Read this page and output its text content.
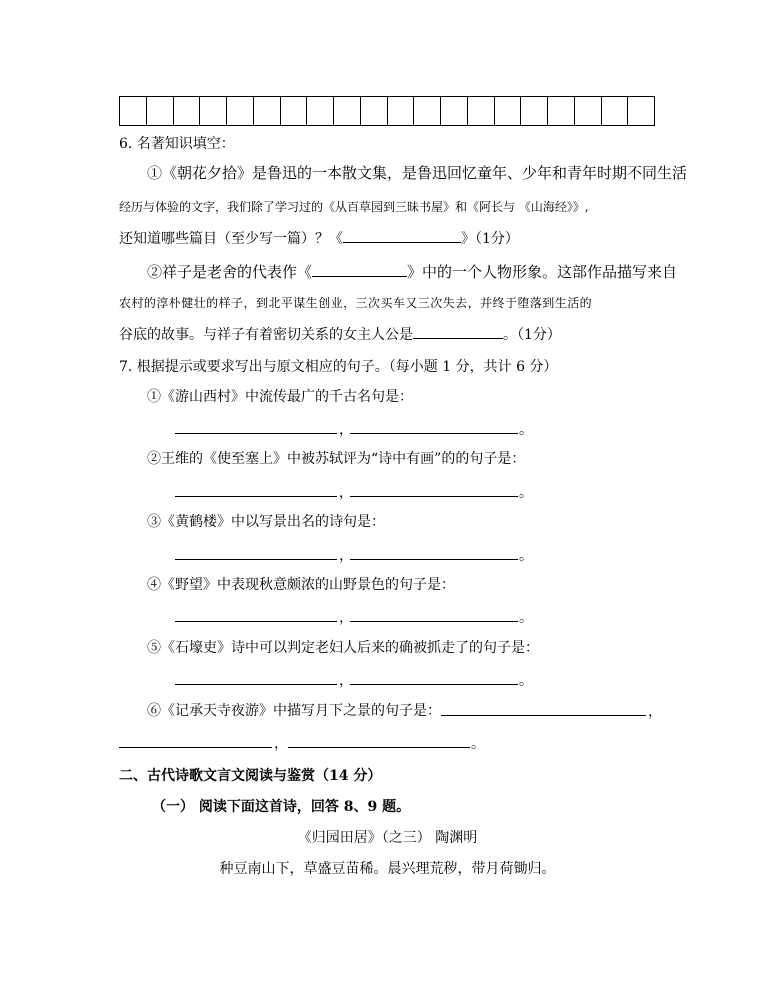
6. 名著知识填空：
①《朝花夕拾》是鲁迅的一本散文集，是鲁迅回忆童年、少年和青年时期不同生活
经历与体验的文字，我们除了学习过的《从百草园到三昧书屋》和《阿长与 《山海经》》,
还知道哪些篇目（至少写一篇）？《	》（1分）
②祥子是老舍的代表作《	》中的一个人物形象。这部作品描写来自
农村的淳朴健壮的样子，到北平谋生创业，三次买车又三次失去，并终于堕落到生活的
谷底的故事。与祥子有着密切关系的女主人公是	。（1分）
7. 根据提示或要求写出与原文相应的句子。（每小题 1 分，共计 6 分）
①《游山西村》中流传最广的千古名句是：
，	。
②王维的《使至塞上》中被苏轼评为“诗中有画”的的句子是：
，	。
③《黄鹤楼》中以写景出名的诗句是：
，	。
④《野望》中表现秋意颇浓的山野景色的句子是：
，	。
⑤《石壕吏》诗中可以判定老妇人后来的确被抓走了的句子是：
，	。
⑥《记承天寺夜游》中描写月下之景的句子是：	，
，	。
二、古代诗歌文言文阅读与鉴赏（14 分）
（一） 阅读下面这首诗，回答 8、9 题。
《归园田居》（之三） 陶渊明
种豆南山下，草盛豆苗稀。晨兴理荒秽，带月荷锄归。
